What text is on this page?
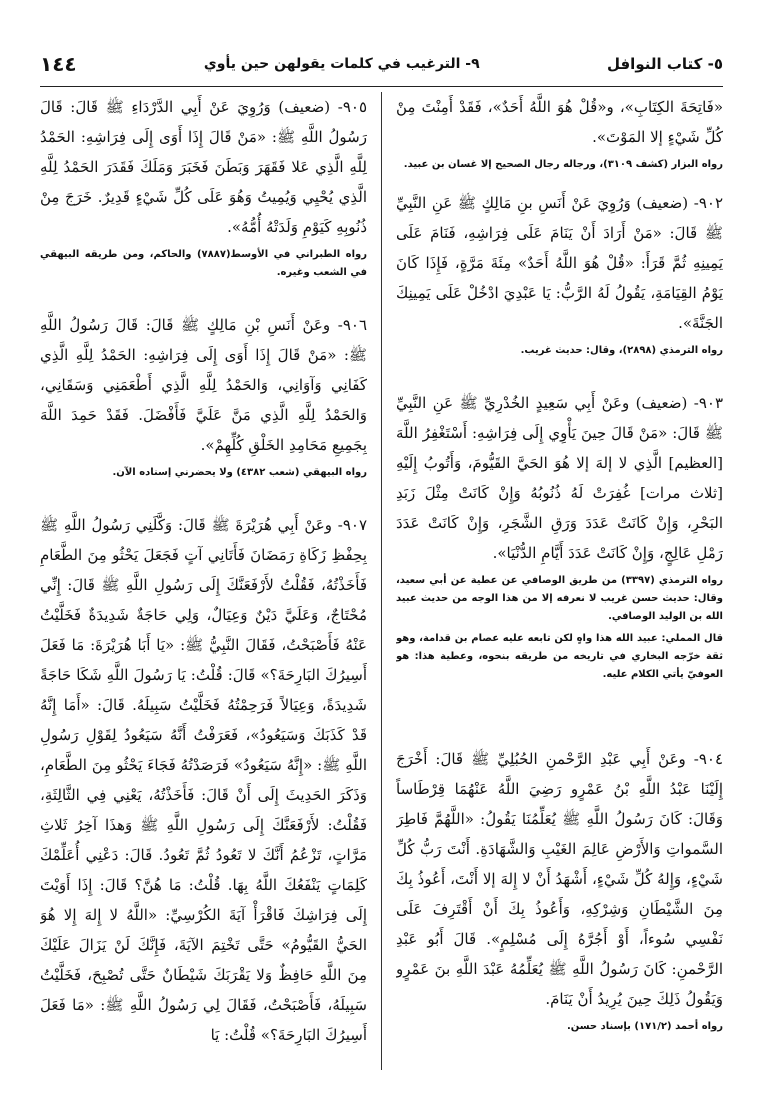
٥- كتاب النوافل
٩- الترغيب في كلمات يقولهن حين يأوي
١٤٤

«فَاتِحَةَ الكِتَابِ»، و«قُلْ هُوَ اللَّهُ أَحَدٌ»، فَقَدْ أَمِنْتَ مِنْ كُلِّ شَيْءٍ إلا المَوْتَ».

رواه البزار (كشف ٣١٠٩)، ورجاله رجال الصحيح إلا غسان بن عبيد.

٩٠٢- (ضعيف) وَرُوِيَ عَنْ أَنَسِ بنِ مَالِكٍ ﷺ عَنِ النَّبِيِّ ﷺ قَالَ: «مَنْ أَرَادَ أَنْ يَنَامَ عَلَى فِرَاشِهِ، فَنَامَ عَلَى يَمِينِهِ ثُمَّ قَرَأَ: «قُلْ هُوَ اللَّهُ أَحَدٌ» مِئَةَ مَرَّةٍ، فَإِذَا كَانَ يَوْمُ القِيَامَةِ، يَقُولُ لَهُ الرَّبُّ: يَا عَبْدِيَ ادْخُلْ عَلَى يَمِينِكَ الجَنَّةَ».

رواه الترمذي (٢٨٩٨)، وقال: حديث غريب.

٩٠٣- (ضعيف) وعَنْ أَبِي سَعِيدٍ الخُدْرِيِّ ﷺ عَنِ النَّبِيِّ ﷺ قَالَ: «مَنْ قَالَ حِينَ يَأْوِي إِلَى فِرَاشِهِ: أَسْتَغْفِرُ اللَّهَ [العظيم] الَّذِي لا إلهَ إلا هُوَ الحَيَّ القَيُّومَ، وَأَتُوبُ إِلَيْهِ [ثلاث مرات] غُفِرَتْ لَهُ ذُنُوبُهُ وَإِنْ كَانَتْ مِثْلَ زَبَدِ البَحْرِ، وَإِنْ كَانَتْ عَدَدَ وَرَقِ الشَّجَرِ، وَإِنْ كَانَتْ عَدَدَ رَمْلِ عَالِجٍ، وَإِنْ كَانَتْ عَدَدَ أَيَّامِ الدُّنْيَا».

رواه الترمذي (٣٣٩٧) من طريق الوصافي عن عطية عن أبي سعيد، وقال: حديث حسن غريب لا نعرفه إلا من هذا الوجه من حديث عبيد الله بن الوليد الوصافي.

قال المملي: عبيد الله هذا واهٍ لكن تابعه عليه عصام بن قدامة، وهو ثقة خرّجه البخاري في تاريخه من طريقه بنحوه، وعطية هذا: هو العوفيّ يأتي الكلام عليه.

٩٠٤- وعَنْ أَبِي عَبْدِ الرَّحْمنِ الحُبُلِيِّ ﷺ قَالَ: أَخْرَجَ إِلَيْنَا عَبْدُ اللَّهِ بْنُ عَمْرٍو رَضِيَ اللَّهُ عَنْهُمَا قِرْطَاساً وَقَالَ: كَانَ رَسُولُ اللَّهِ ﷺ يُعَلِّمُنَا يَقُولُ: «اللَّهُمَّ فَاطِرَ السَّمواتِ وَالأَرْضِ عَالِمَ الغَيْبِ وَالشَّهَادَةِ. أَنْتَ رَبُّ كُلِّ شَيْءٍ، وَإِلهُ كُلِّ شَيْءٍ، أَشْهَدُ أَنْ لا إِلهَ إلا أَنْتَ، أَعُوذُ بِكَ مِنَ الشَّيْطَانِ وَشِرْكِهِ، وَأَعُوذُ بِكَ أَنْ أَقْتَرِفَ عَلَى نَفْسِي سُوءاً، أَوْ أَجُرَّهُ إِلَى مُسْلِمٍ». قَالَ أَبُو عَبْدِ الرَّحْمنِ: كَانَ رَسُولُ اللَّهِ ﷺ يُعَلِّمُهُ عَبْدَ اللَّهِ بنَ عَمْرٍو وَيَقُولُ ذَلِكَ حِينَ يُرِيدُ أَنْ يَنَامَ.

رواه أحمد (١٧١/٢) بإسناد حسن.

٩٠٥- (ضعيف) وَرُوِيَ عَنْ أَبِي الدَّرْدَاءِ ﷺ قَالَ: قَالَ رَسُولُ اللَّهِ ﷺ: «مَنْ قَالَ إِذَا أَوَى إِلَى فِرَاشِهِ: الحَمْدُ لِلَّهِ الَّذِي عَلا فَقَهَرَ وَبَطَنَ فَخَبَرَ وَمَلَكَ فَقَدَرَ الحَمْدُ لِلَّهِ الَّذِي يُحْيِي وَيُمِيتُ وَهُوَ عَلَى كُلِّ شَيْءٍ قَدِيرٌ. خَرَجَ مِنْ ذُنُوبِهِ كَيَوْمِ وَلَدَتْهُ أُمُّهُ».

رواه الطبراني في الأوسط(٧٨٨٧) والحاكم، ومن طريقه البيهقي في الشعب وغيره.

٩٠٦- وعَنْ أَنَسِ بْنِ مَالِكٍ ﷺ قَالَ: قَالَ رَسُولُ اللَّهِ ﷺ: «مَنْ قَالَ إِذَا أَوَى إِلَى فِرَاشِهِ: الحَمْدُ لِلَّهِ الَّذِي كَفَانِي وَآوَانِي، وَالحَمْدُ لِلَّهِ الَّذِي أَطْعَمَنِي وَسَقَانِي، وَالحَمْدُ لِلَّهِ الَّذِي مَنَّ عَلَيَّ فَأَفْضَلَ. فَقَدْ حَمِدَ اللَّهَ بِجَمِيعِ مَحَامِدِ الخَلْقِ كُلِّهِمْ».

رواه البيهقي (شعب ٤٣٨٢) ولا يحضرني إسناده الآن.

٩٠٧- وعَنْ أَبِي هُرَيْرَةَ ﷺ قَالَ: وَكَّلَنِي رَسُولُ اللَّهِ ﷺ بِحِفْظِ زَكَاةِ رَمَضَانَ فَأَتَانِي آتٍ فَجَعَلَ يَحْثُو مِنَ الطَّعَامِ فَأَخَذْتُهُ، فَقُلْتُ لأَرْفَعَنَّكَ إِلَى رَسُولِ اللَّهِ ﷺ قَالَ: إِنِّي مُحْتَاجٌ، وَعَلَيَّ دَيْنٌ وَعِيَالٌ، وَلِي حَاجَةٌ شَدِيدَةٌ فَخَلَّيْتُ عَنْهُ فَأَصْبَحْتُ، فَقَالَ النَّبِيُّ ﷺ: «يَا أَبَا هُرَيْرَةَ: مَا فَعَلَ أَسِيرُكَ البَارِحَةَ؟» قَالَ: قُلْتُ: يَا رَسُولَ اللَّهِ شَكَا حَاجَةً شَدِيدَةً، وَعِيَالاً فَرَحِمْتُهُ فَخَلَّيْتُ سَبِيلَهُ. قَالَ: «أَمَا إِنَّهُ قَدْ كَذَبَكَ وَسَيَعُودُ»، فَعَرَفْتُ أَنَّهُ سَيَعُودُ لِقَوْلِ رَسُولِ اللَّهِ ﷺ: «إِنَّهُ سَيَعُودُ» فَرَصَدْتُهُ فَجَاءَ يَحْثُو مِنَ الطَّعَامِ، وَذَكَرَ الحَدِيثَ إِلَى أَنْ قَالَ: فَأَخَذْتُهُ، يَعْنِي فِي الثَّالِثَةِ، فَقُلْتُ: لأَرْفَعَنَّكَ إِلَى رَسُولِ اللَّهِ ﷺ وَهذَا آخِرُ ثَلاثِ مَرَّاتٍ، تَزْعُمُ أَنَّكَ لا تَعُودُ ثُمَّ تَعُودُ. قَالَ: دَعْنِي أُعَلِّمْكَ كَلِمَاتٍ يَنْفَعُكَ اللَّهُ بِهَا. قُلْتُ: مَا هُنَّ؟ قَالَ: إِذَا أَوَيْتَ إِلَى فِرَاشِكَ فَاقْرَأْ آيَةَ الكُرْسِيِّ: «اللَّهُ لا إِلهَ إِلا هُوَ الحَيُّ القَيُّومُ» حَتَّى تَخْتِمَ الآيَةَ، فَإِنَّكَ لَنْ يَزَالَ عَلَيْكَ مِنَ اللَّهِ حَافِظٌ وَلا يَقْرَبَكَ شَيْطَانٌ حَتَّى تُصْبِحَ، فَخَلَّيْتُ سَبِيلَهُ، فَأَصْبَحْتُ، فَقَالَ لِي رَسُولُ اللَّهِ ﷺ: «مَا فَعَلَ أَسِيرُكَ البَارِحَةَ؟» قُلْتُ: يَا
